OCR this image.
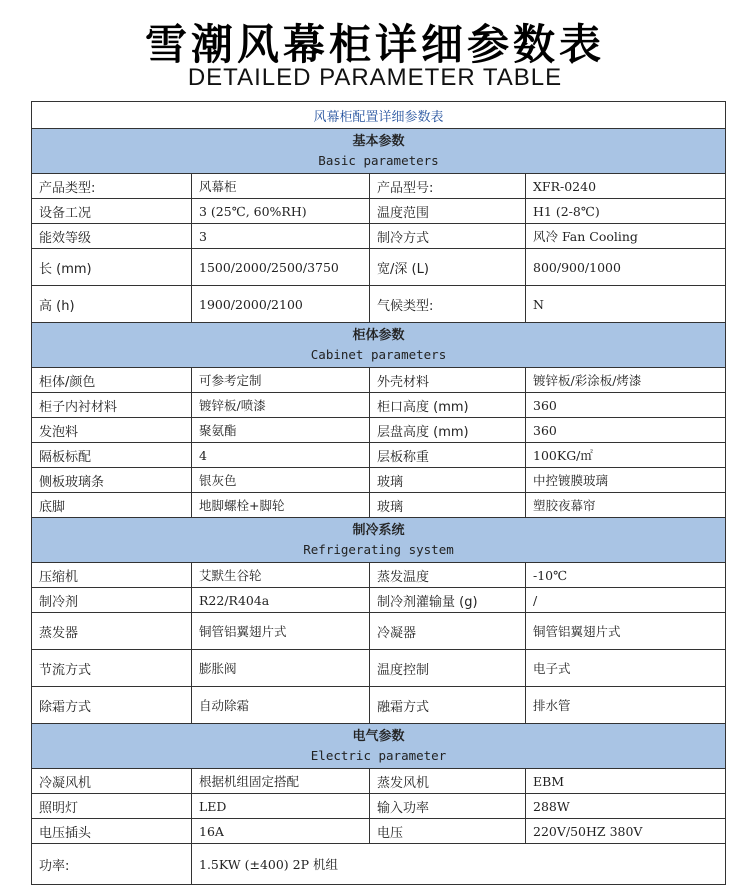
雪潮风幕柜详细参数表
DETAILED PARAMETER TABLE
风幕柜配置详细参数表			

基本参数
Basic parameters			

产品类型:	风幕柜	产品型号:	XFR-0240
设备工况	3 (25℃, 60%RH)	温度范围	H1 (2-8℃)
能效等级	3	制冷方式	风冷 Fan Cooling
长 (mm)	1500/2000/2500/3750	宽/深 (L)	800/900/1000
高 (h)	1900/2000/2100	气候类型:	N

柜体参数
Cabinet parameters			

柜体/颜色	可参考定制	外壳材料	镀锌板/彩涂板/烤漆
柜子内衬材料	镀锌板/喷漆	柜口高度 (mm)	360
发泡料	聚氨酯	层盘高度 (mm)	360
隔板标配	4	层板称重	100KG/㎡
侧板玻璃条	银灰色	玻璃	中控镀膜玻璃
底脚	地脚螺栓+脚轮	玻璃	塑胶夜幕帘

制冷系统
Refrigerating system			

压缩机	艾默生谷轮	蒸发温度	-10℃
制冷剂	R22/R404a	制冷剂灌输量 (g)	/
蒸发器	铜管铝翼翅片式	冷凝器	铜管铝翼翅片式
节流方式	膨胀阀	温度控制	电子式
除霜方式	自动除霜	融霜方式	排水管

电气参数
Electric parameter			

冷凝风机	根据机组固定搭配	蒸发风机	EBM
照明灯	LED	输入功率	288W
电压插头	16A	电压	220V/50HZ 380V
功率:	1.5KW (±400) 2P 机组		
